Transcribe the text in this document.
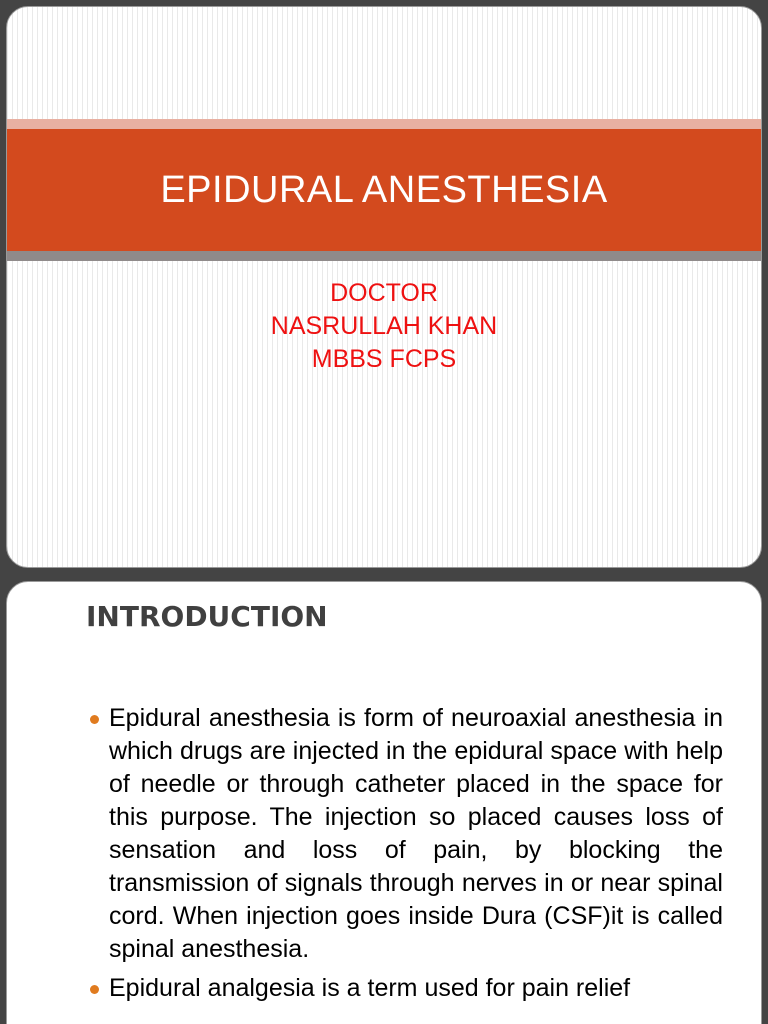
EPIDURAL ANESTHESIA
DOCTOR
NASRULLAH KHAN
MBBS FCPS
INTRODUCTION
Epidural anesthesia is form of neuroaxial anesthesia in which drugs are injected in the epidural space with help of needle or through catheter placed in the space for this purpose. The injection so placed causes loss of sensation and loss of pain, by blocking the transmission of signals through nerves in or near spinal cord. When injection goes inside Dura (CSF)it is called spinal anesthesia.
Epidural analgesia is a term used for pain relief
